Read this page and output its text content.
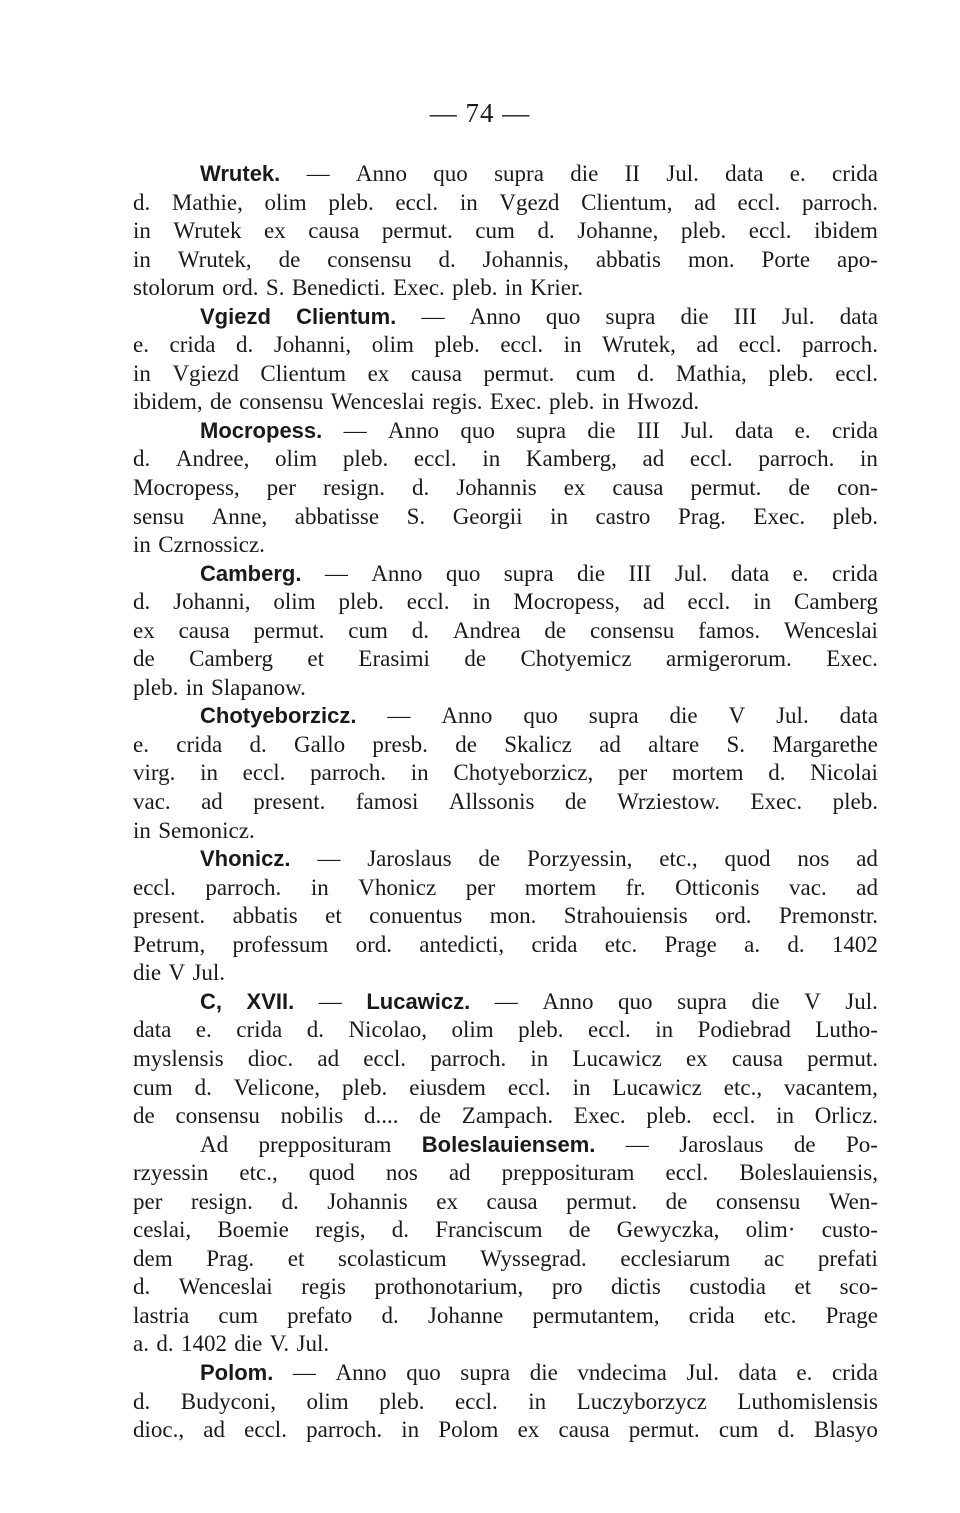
— 74 —
Wrutek. — Anno quo supra die II Jul. data e. crida
d. Mathie, olim pleb. eccl. in Vgezd Clientum, ad eccl. parroch.
in Wrutek ex causa permut. cum d. Johanne, pleb. eccl. ibidem
in Wrutek, de consensu d. Johannis, abbatis mon. Porte apo-
stolorum ord. S. Benedicti. Exec. pleb. in Krier.
Vgiezd Clientum. — Anno quo supra die III Jul. data
e. crida d. Johanni, olim pleb. eccl. in Wrutek, ad eccl. parroch.
in Vgiezd Clientum ex causa permut. cum d. Mathia, pleb. eccl.
ibidem, de consensu Wenceslai regis. Exec. pleb. in Hwozd.
Mocropess. — Anno quo supra die III Jul. data e. crida
d. Andree, olim pleb. eccl. in Kamberg, ad eccl. parroch. in
Mocropess, per resign. d. Johannis ex causa permut. de con-
sensu Anne, abbatisse S. Georgii in castro Prag. Exec. pleb.
in Czrnossicz.
Camberg. — Anno quo supra die III Jul. data e. crida
d. Johanni, olim pleb. eccl. in Mocropess, ad eccl. in Camberg
ex causa permut. cum d. Andrea de consensu famos. Wenceslai
de Camberg et Erasimi de Chotyemicz armigerorum. Exec.
pleb. in Slapanow.
Chotyeborzicz. — Anno quo supra die V Jul. data
e. crida d. Gallo presb. de Skalicz ad altare S. Margarethe
virg. in eccl. parroch. in Chotyeborzicz, per mortem d. Nicolai
vac. ad present. famosi Allssonis de Wrziestow. Exec. pleb.
in Semonicz.
Vhonicz. — Jaroslaus de Porzyessin, etc., quod nos ad
eccl. parroch. in Vhonicz per mortem fr. Otticonis vac. ad
present. abbatis et conuentus mon. Strahouiensis ord. Premonstr.
Petrum, professum ord. antedicti, crida etc. Prage a. d. 1402
die V Jul.
C, XVII. — Lucawicz. — Anno quo supra die V Jul.
data e. crida d. Nicolao, olim pleb. eccl. in Podiebrad Lutho-
myslensis dioc. ad eccl. parroch. in Lucawicz ex causa permut.
cum d. Velicone, pleb. eiusdem eccl. in Lucawicz etc., vacantem,
de consensu nobilis d.... de Zampach. Exec. pleb. eccl. in Orlicz.
Ad prepposituram Boleslauiensem. — Jaroslaus de Po-
rzyessin etc., quod nos ad prepposituram eccl. Boleslauiensis,
per resign. d. Johannis ex causa permut. de consensu Wen-
ceslai, Boemie regis, d. Franciscum de Gewyczka, olim· custo-
dem Prag. et scolasticum Wyssegrad. ecclesiarum ac prefati
d. Wenceslai regis prothonotarium, pro dictis custodia et sco-
lastria cum prefato d. Johanne permutantem, crida etc. Prage
a. d. 1402 die V. Jul.
Polom. — Anno quo supra die vndecima Jul. data e. crida
d. Budyconi, olim pleb. eccl. in Luczyborzycz Luthomislensis
dioc., ad eccl. parroch. in Polom ex causa permut. cum d. Blasyo
